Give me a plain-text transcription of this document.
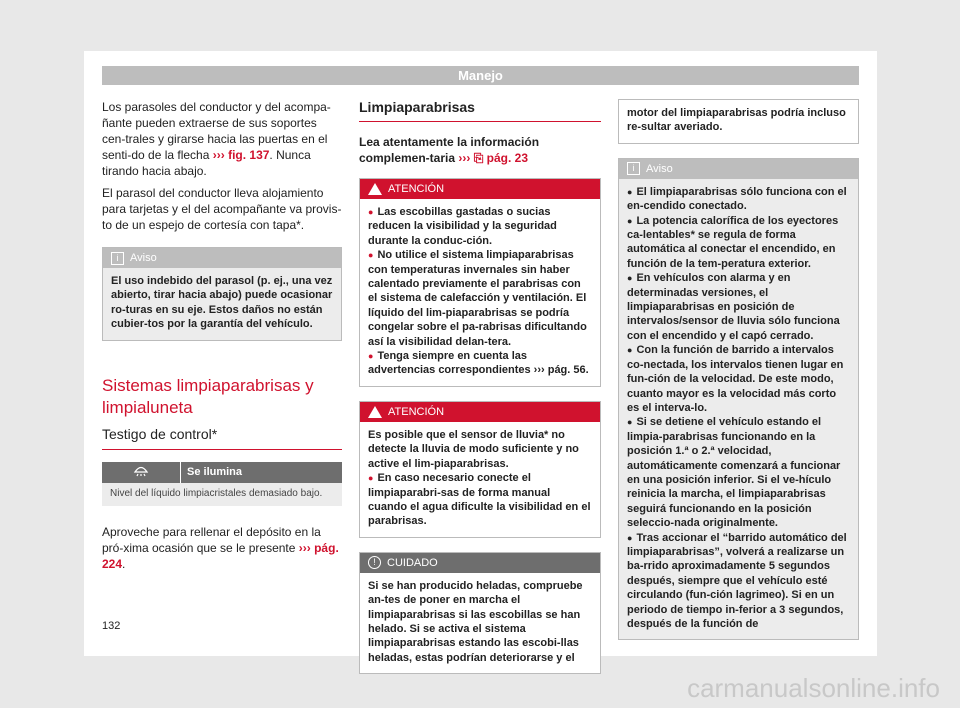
Manejo

Los parasoles del conductor y del acompa-ñante pueden extraerse de sus soportes cen-trales y girarse hacia las puertas en el senti-do de la flecha ››› fig. 137. Nunca tirando hacia abajo.

El parasol del conductor lleva alojamiento para tarjetas y el del acompañante va provis-to de un espejo de cortesía con tapa*.

i Aviso
El uso indebido del parasol (p. ej., una vez abierto, tirar hacia abajo) puede ocasionar ro-turas en su eje. Estos daños no están cubier-tos por la garantía del vehículo.
Sistemas limpiaparabrisas y limpialuneta
Testigo de control*
	Se ilumina
Nivel del líquido limpiacristales demasiado bajo.

Aproveche para rellenar el depósito en la pró-xima ocasión que se le presente ››› pág. 224.

Limpiaparabrisas

Lea atentamente la información complemen-taria ››› ⎘ pág. 23

ATENCIÓN
● Las escobillas gastadas o sucias reducen la visibilidad y la seguridad durante la conduc-ción.
● No utilice el sistema limpiaparabrisas con temperaturas invernales sin haber calentado previamente el parabrisas con el sistema de calefacción y ventilación. El líquido del lim-piaparabrisas se podría congelar sobre el pa-rabrisas dificultando así la visibilidad delan-tera.
● Tenga siempre en cuenta las advertencias correspondientes ››› pág. 56.
ATENCIÓN
Es posible que el sensor de lluvia* no detecte la lluvia de modo suficiente y no active el lim-piaparabrisas.
● En caso necesario conecte el limpiaparabri-sas de forma manual cuando el agua dificulte la visibilidad en el parabrisas.
! CUIDADO
Si se han producido heladas, compruebe an-tes de poner en marcha el limpiaparabrisas si las escobillas se han helado. Si se activa el sistema limpiaparabrisas estando las escobi-llas heladas, estas podrían deteriorarse y el
motor del limpiaparabrisas podría incluso re-sultar averiado.
i Aviso
● El limpiaparabrisas sólo funciona con el en-cendido conectado.
● La potencia calorífica de los eyectores ca-lentables* se regula de forma automática al conectar el encendido, en función de la tem-peratura exterior.
● En vehículos con alarma y en determinadas versiones, el limpiaparabrisas en posición de intervalos/sensor de lluvia sólo funciona con el encendido y el capó cerrado.
● Con la función de barrido a intervalos co-nectada, los intervalos tienen lugar en fun-ción de la velocidad. De este modo, cuanto mayor es la velocidad más corto es el interva-lo.
● Si se detiene el vehículo estando el limpia-parabrisas funcionando en la posición 1.ª o 2.ª velocidad, automáticamente comenzará a funcionar en una posición inferior. Si el ve-hículo reinicia la marcha, el limpiaparabrisas seguirá funcionando en la posición seleccio-nada originalmente.
● Tras accionar el “barrido automático del limpiaparabrisas”, volverá a realizarse un ba-rrido aproximadamente 5 segundos después, siempre que el vehículo esté circulando (fun-ción lagrimeo). Si en un periodo de tiempo in-ferior a 3 segundos, después de la función de
132
carmanualsonline.info
